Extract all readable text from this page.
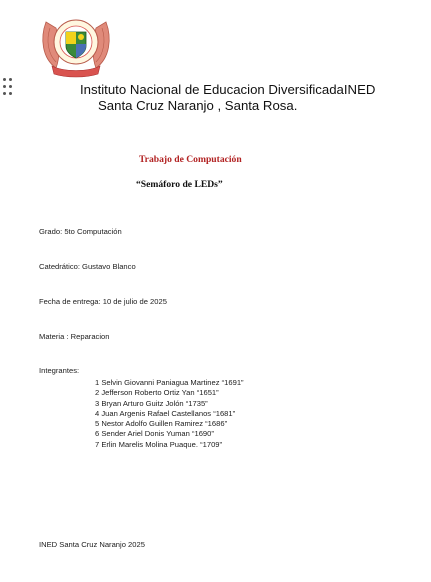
Instituto Nacional de Educacion DiversificadaINED
Santa Cruz Naranjo , Santa Rosa.
Trabajo de Computación
“Semáforo de LEDs”
Grado: 5to Computación
Catedrático: Gustavo Blanco
Fecha de entrega: 10 de julio de 2025
Materia : Reparacion
Integrantes:
1 Selvin Giovanni Paniagua Martinez “1691”
2 Jefferson Roberto Ortiz Yan “1651”
3 Bryan Arturo Guitz Jolón “1735”
4 Juan Argenis Rafael Castellanos “1681”
5 Nestor Adolfo Guillen Ramirez “1686”
6 Sender Ariel Donis Yuman “1690”
7 Erlin Marelis Molina Puaque. “1709”
INED Santa Cruz Naranjo 2025
